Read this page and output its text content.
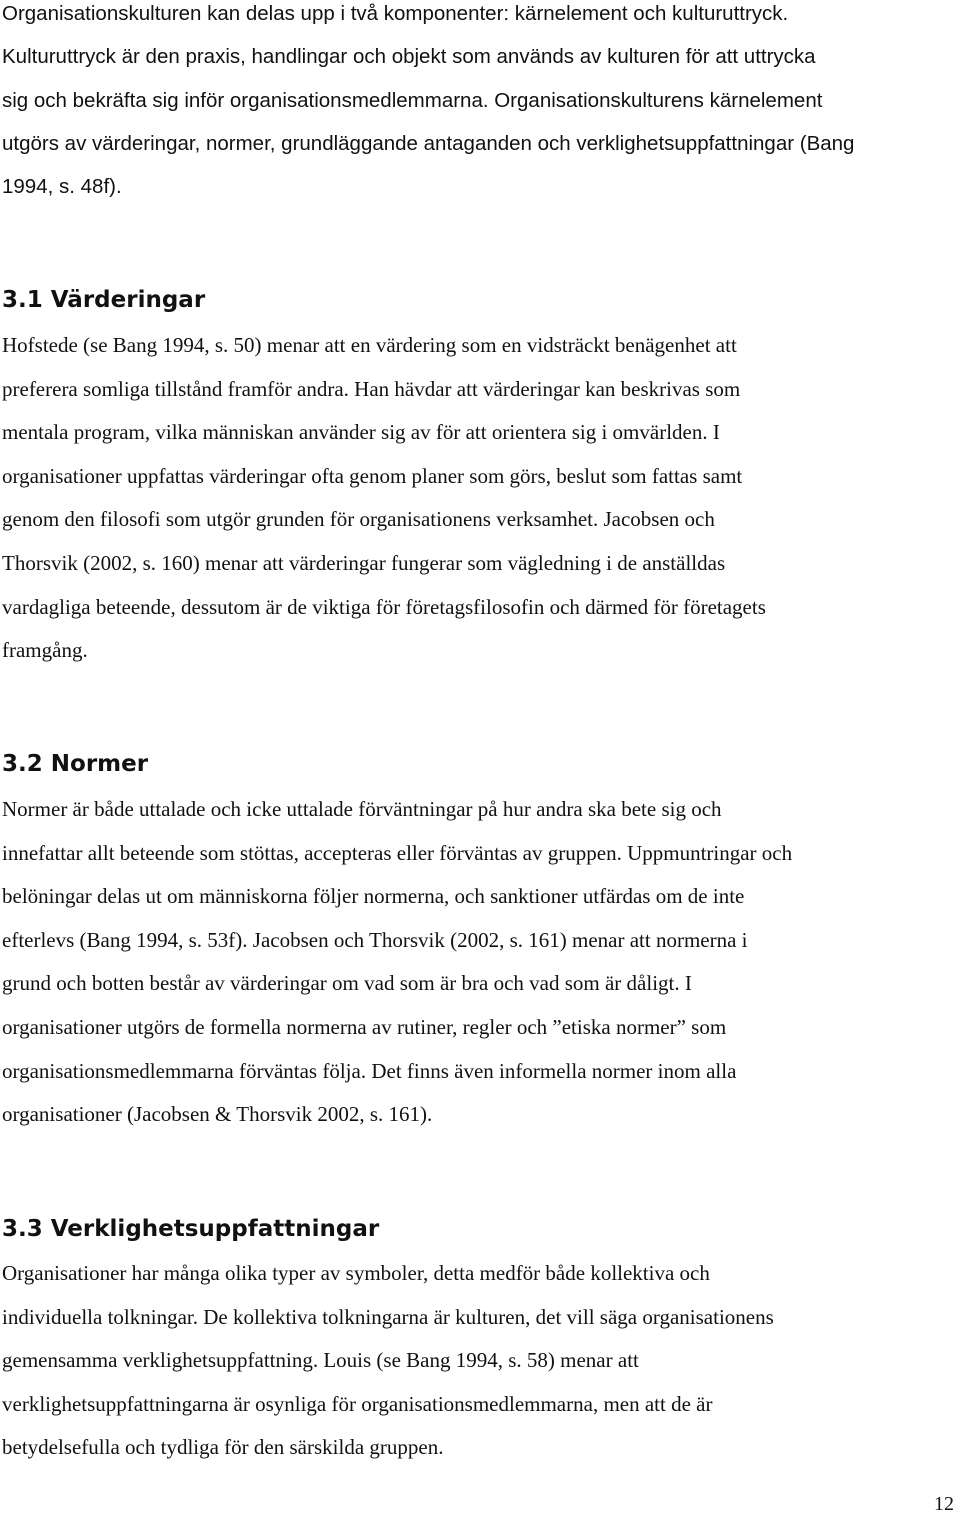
Organisationskulturen kan delas upp i två komponenter: kärnelement och kulturuttryck.
Kulturuttryck är den praxis, handlingar och objekt som används av kulturen för att uttrycka
sig och bekräfta sig inför organisationsmedlemmarna. Organisationskulturens kärnelement
utgörs av värderingar, normer, grundläggande antaganden och verklighetsuppfattningar (Bang
1994, s. 48f).

3.1 Värderingar

Hofstede (se Bang 1994, s. 50) menar att en värdering som en vidsträckt benägenhet att
preferera somliga tillstånd framför andra. Han hävdar att värderingar kan beskrivas som
mentala program, vilka människan använder sig av för att orientera sig i omvärlden. I
organisationer uppfattas värderingar ofta genom planer som görs, beslut som fattas samt
genom den filosofi som utgör grunden för organisationens verksamhet. Jacobsen och
Thorsvik (2002, s. 160) menar att värderingar fungerar som vägledning i de anställdas
vardagliga beteende, dessutom är de viktiga för företagsfilosofin och därmed för företagets
framgång.

3.2 Normer

Normer är både uttalade och icke uttalade förväntningar på hur andra ska bete sig och
innefattar allt beteende som stöttas, accepteras eller förväntas av gruppen. Uppmuntringar och
belöningar delas ut om människorna följer normerna, och sanktioner utfärdas om de inte
efterlevs (Bang 1994, s. 53f). Jacobsen och Thorsvik (2002, s. 161) menar att normerna i
grund och botten består av värderingar om vad som är bra och vad som är dåligt. I
organisationer utgörs de formella normerna av rutiner, regler och ”etiska normer” som
organisationsmedlemmarna förväntas följa. Det finns även informella normer inom alla
organisationer (Jacobsen & Thorsvik 2002, s. 161).

3.3 Verklighetsuppfattningar

Organisationer har många olika typer av symboler, detta medför både kollektiva och
individuella tolkningar. De kollektiva tolkningarna är kulturen, det vill säga organisationens
gemensamma verklighetsuppfattning. Louis (se Bang 1994, s. 58) menar att
verklighetsuppfattningarna är osynliga för organisationsmedlemmarna, men att de är
betydelsefulla och tydliga för den särskilda gruppen.

12
